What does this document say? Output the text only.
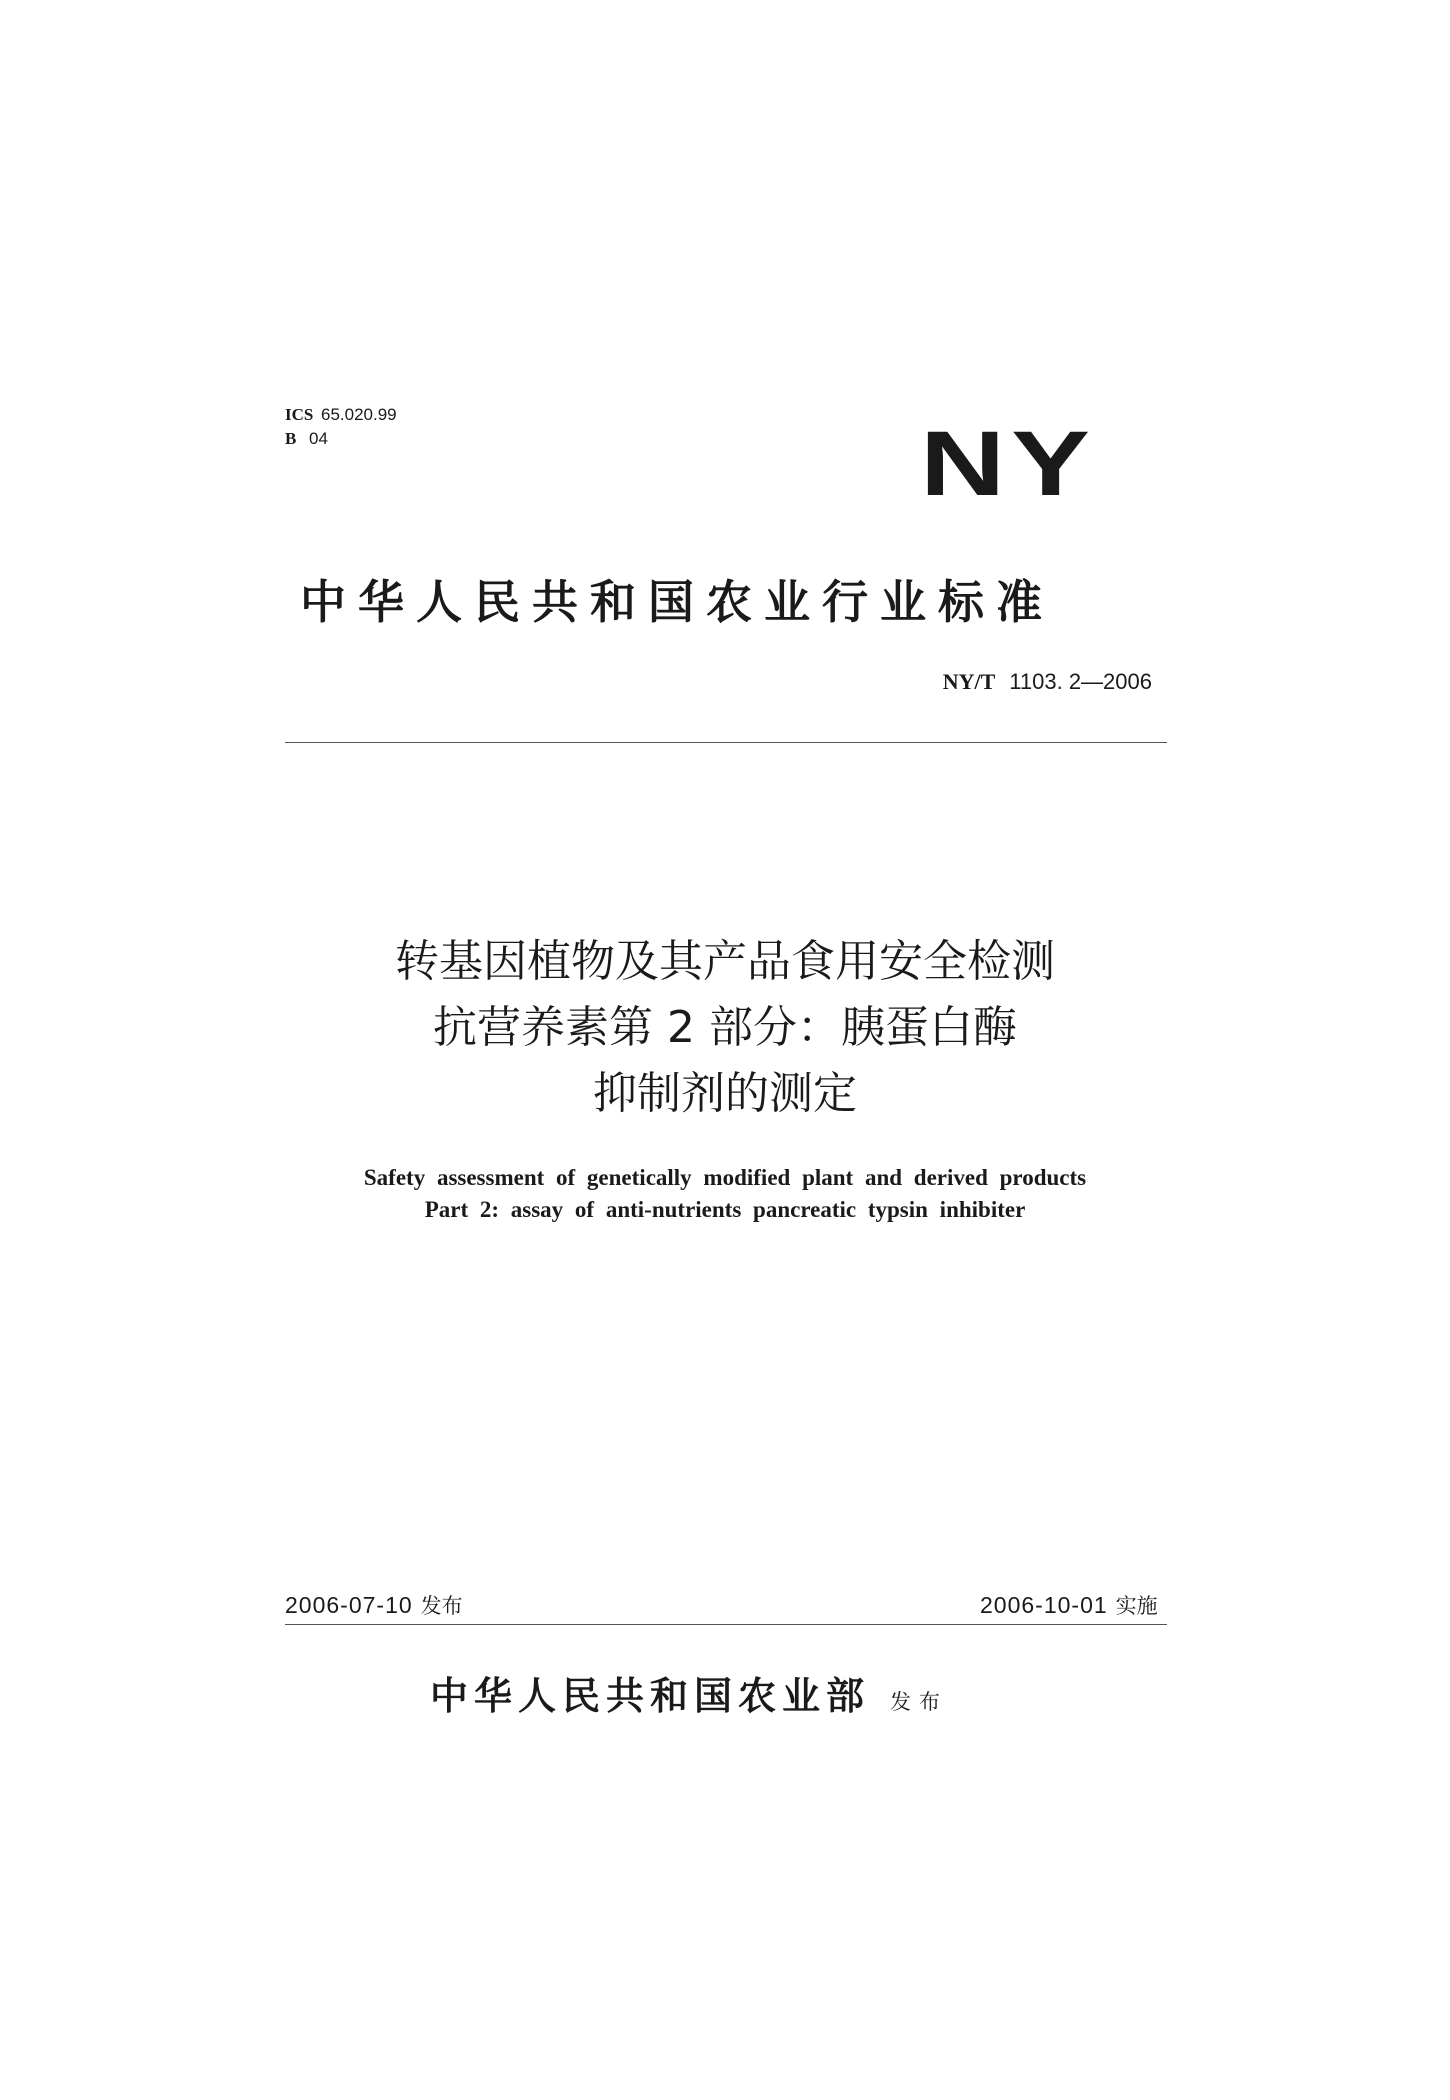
ICS 65.020.99
B 04	NY
中华人民共和国农业行业标准
NY/T 1103. 2—2006
转基因植物及其产品食用安全检测
抗营养素第 2 部分：胰蛋白酶
抑制剂的测定
Safety assessment of genetically modified plant and derived products
Part 2: assay of anti-nutrients pancreatic typsin inhibiter
2006-07-10 发布	2006-10-01 实施
中华人民共和国农业部 发布
